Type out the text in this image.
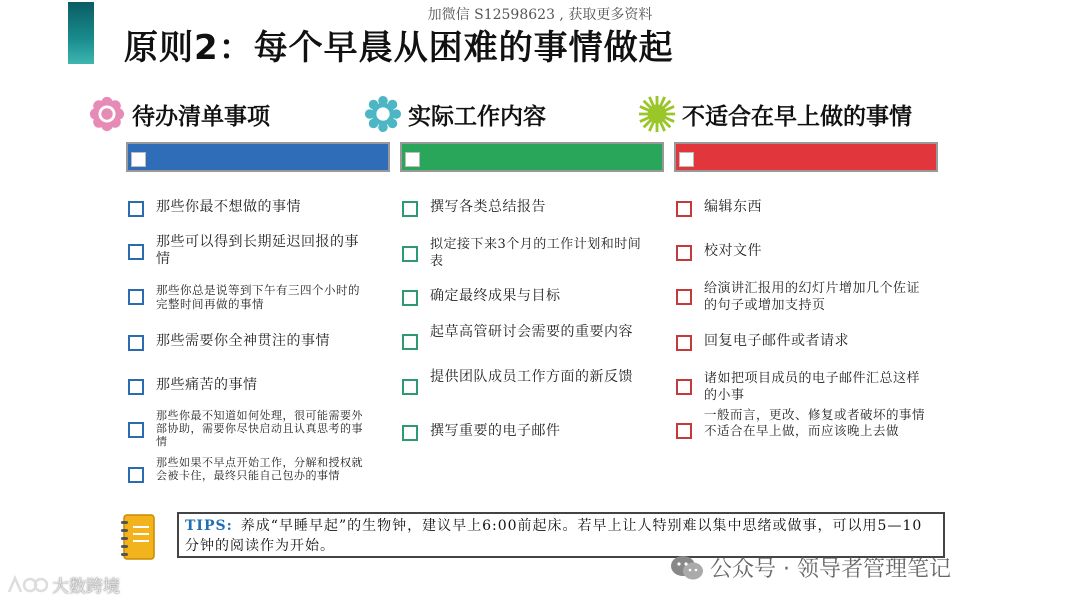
加微信 S12598623 , 获取更多资料
原则2：每个早晨从困难的事情做起
待办清单事项	实际工作内容	不适合在早上做的事情
那些你最不想做的事情
那些可以得到长期延迟回报的事情
那些你总是说等到下午有三四个小时的完整时间再做的事情
那些需要你全神贯注的事情
那些痛苦的事情
那些你最不知道如何处理，很可能需要外部协助，需要你尽快启动且认真思考的事情
那些如果不早点开始工作，分解和授权就会被卡住，最终只能自己包办的事情
撰写各类总结报告
拟定接下来3个月的工作计划和时间表
确定最终成果与目标
起草高管研讨会需要的重要内容
提供团队成员工作方面的新反馈
撰写重要的电子邮件
编辑东西
校对文件
给演讲汇报用的幻灯片增加几个佐证的句子或增加支持页
回复电子邮件或者请求
诸如把项目成员的电子邮件汇总这样的小事
一般而言，更改、修复或者破坏的事情不适合在早上做，而应该晚上去做
TIPS: 养成“早睡早起”的生物钟，建议早上6:00前起床。若早上让人特别难以集中思绪或做事，可以用5—10分钟的阅读作为开始。
公众号 · 领导者管理笔记
大数跨境
